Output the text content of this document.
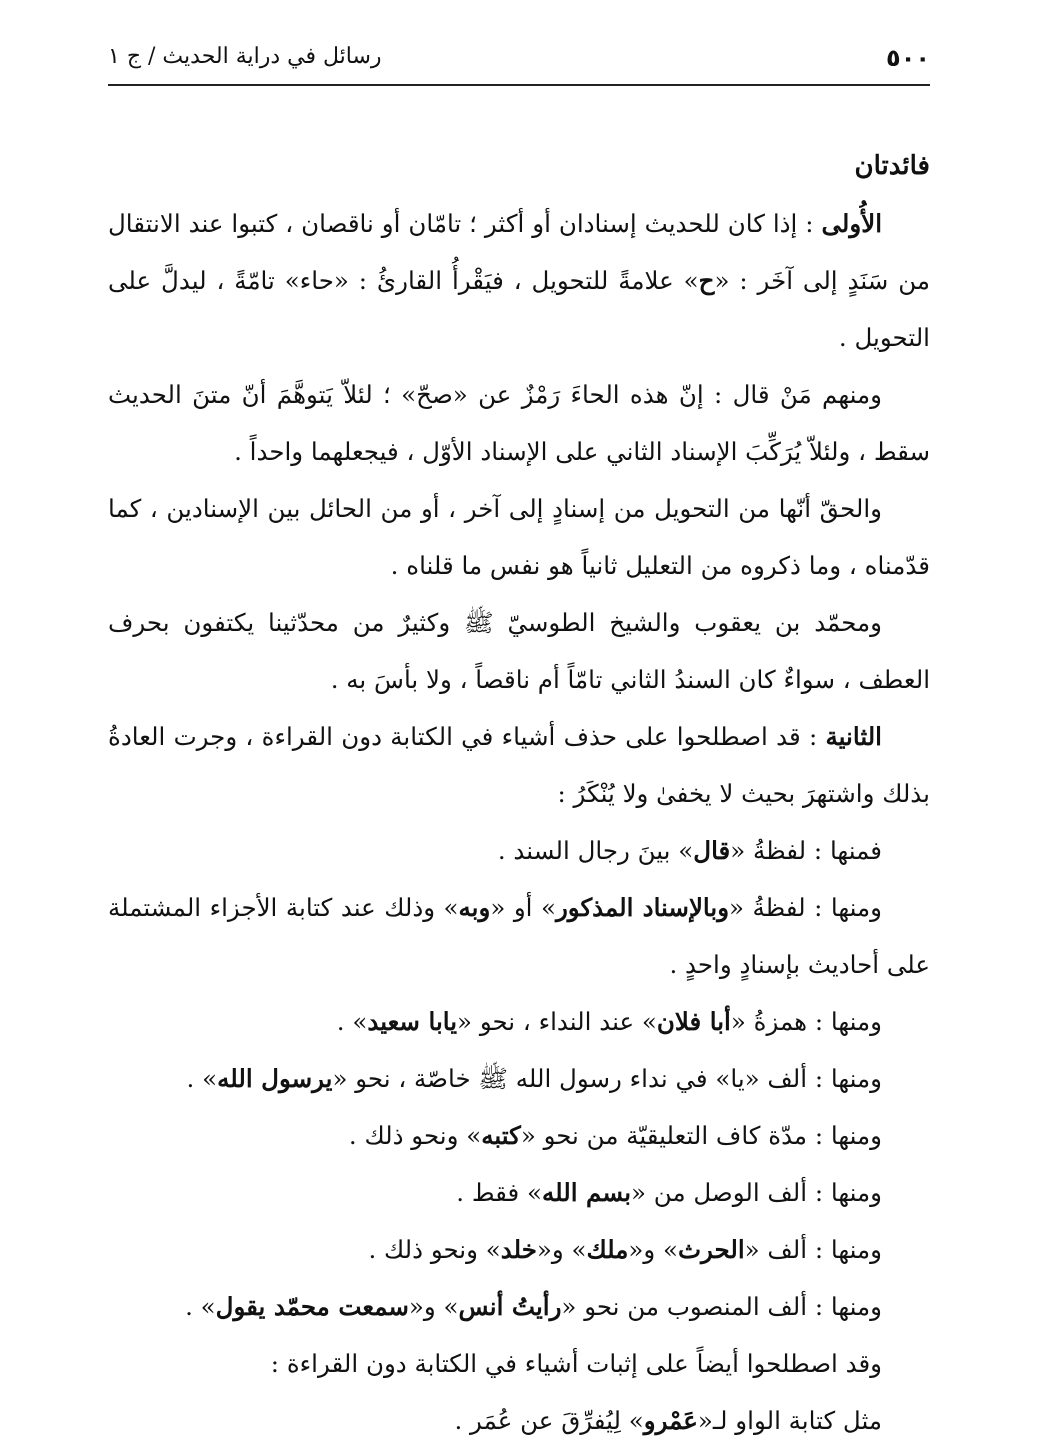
٥٠٠
رسائل في دراية الحديث / ج ١

فائدتان

الأُولى : إذا كان للحديث إسنادان أو أكثر ؛ تامّان أو ناقصان ، كتبوا عند الانتقال من سَنَدٍ إلى آخَر : «ح» علامةً للتحويل ، فيَقْرأُ القارئُ : «حاء» تامّةً ، ليدلَّ على التحويل .

ومنهم مَنْ قال : إنّ هذه الحاءَ رَمْزٌ عن «صحّ» ؛ لئلاّ يَتوهَّمَ أنّ متنَ الحديث سقط ، ولئلاّ يُرَكِّبَ الإسناد الثاني على الإسناد الأوّل ، فيجعلهما واحداً .

والحقّ أنّها من التحويل من إسنادٍ إلى آخر ، أو من الحائل بين الإسنادين ، كما قدّمناه ، وما ذكروه من التعليل ثانياً هو نفس ما قلناه .

ومحمّد بن يعقوب والشيخ الطوسيّ ﷺ وكثيرٌ من محدّثينا يكتفون بحرف العطف ، سواءٌ كان السندُ الثاني تامّاً أم ناقصاً ، ولا بأسَ به .

الثانية : قد اصطلحوا على حذف أشياء في الكتابة دون القراءة ، وجرت العادةُ بذلك واشتهرَ بحيث لا يخفىٰ ولا يُنْكَرُ :

فمنها : لفظةُ «قال» بينَ رجال السند .

ومنها : لفظةُ «وبالإسناد المذكور» أو «وبه» وذلك عند كتابة الأجزاء المشتملة على أحاديث بإسنادٍ واحدٍ .

ومنها : همزةُ «أبا فلان» عند النداء ، نحو «يابا سعيد» .

ومنها : ألف «يا» في نداء رسول الله ﷺ خاصّة ، نحو «يرسول الله» .

ومنها : مدّة كاف التعليقيّة من نحو «كتبه» ونحو ذلك .

ومنها : ألف الوصل من «بسم الله» فقط .

ومنها : ألف «الحرث» و«ملك» و«خلد» ونحو ذلك .

ومنها : ألف المنصوب من نحو «رأيتُ أنس» و«سمعت محمّد يقول» .

وقد اصطلحوا أيضاً على إثبات أشياء في الكتابة دون القراءة :

مثل كتابة الواو لـ«عَمْرو» لِيُفرِّقَ عن عُمَر .
